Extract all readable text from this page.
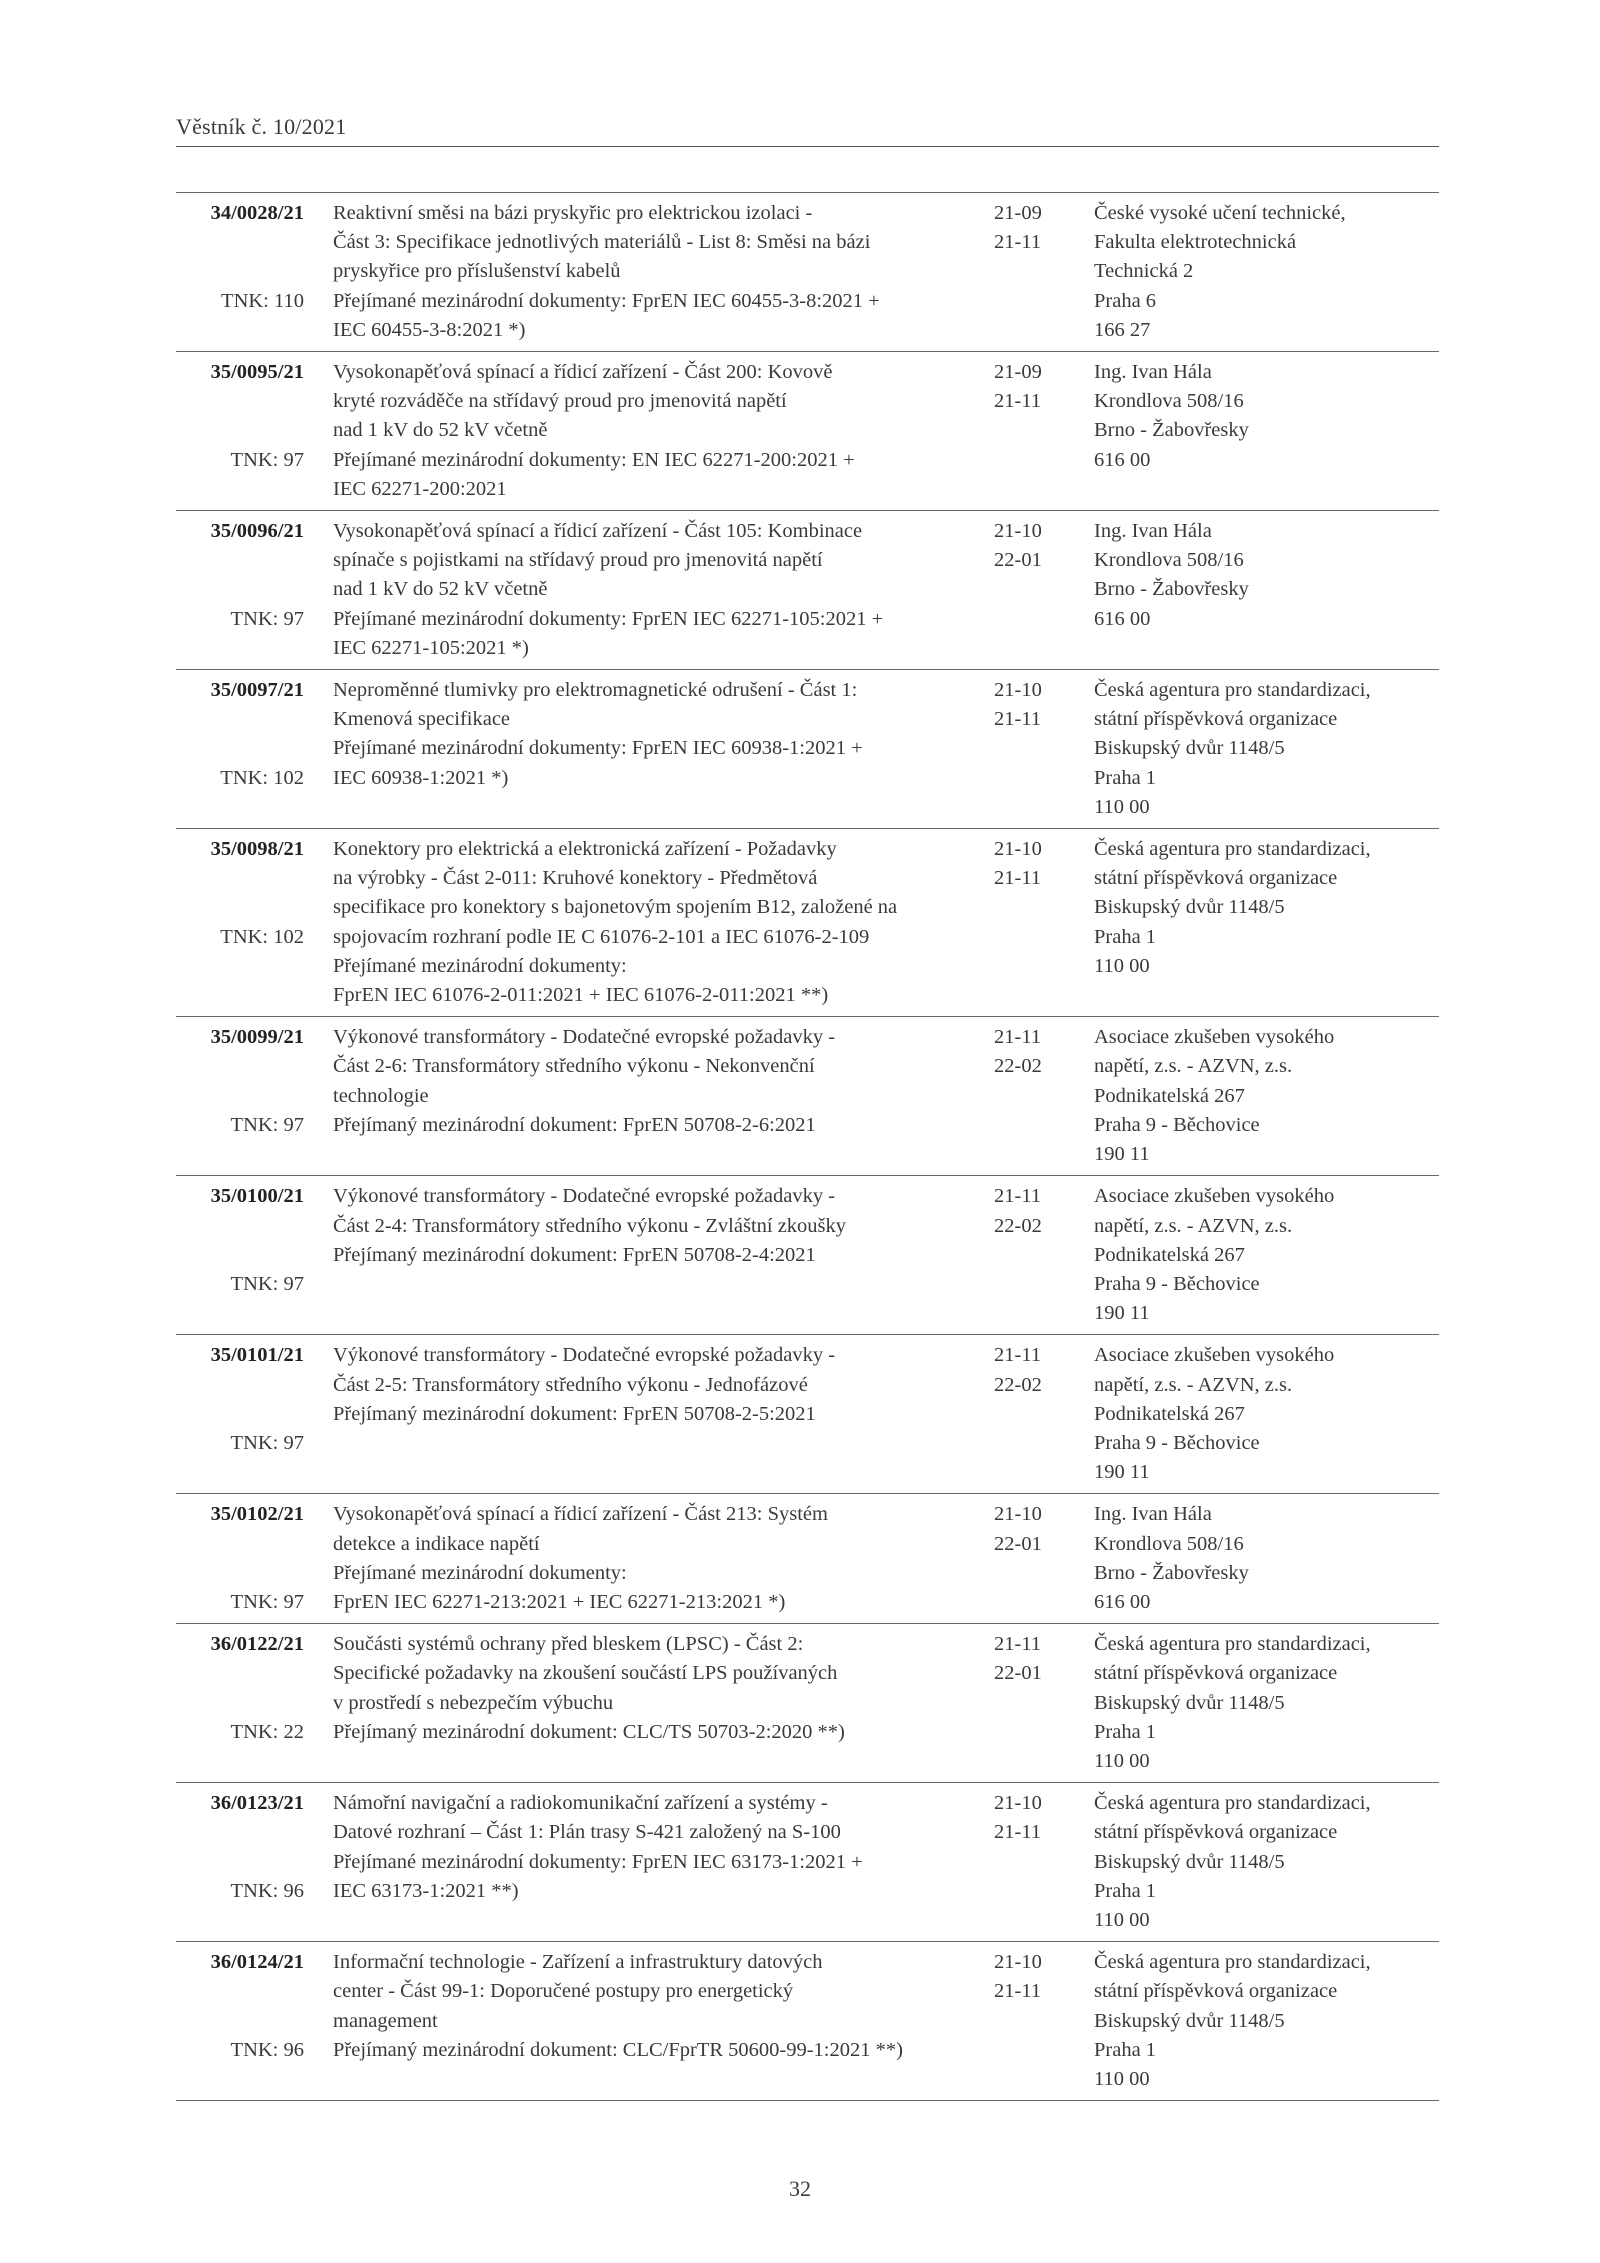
Věstník č. 10/2021
34/0028/21
TNK: 110
Reaktivní směsi na bázi pryskyřic pro elektrickou izolaci -
Část 3: Specifikace jednotlivých materiálů - List 8: Směsi na bázi
pryskyřice pro příslušenství kabelů
Přejímané mezinárodní dokumenty: FprEN IEC 60455-3-8:2021 +
IEC 60455-3-8:2021 *)
21-09
21-11
České vysoké učení technické,
Fakulta elektrotechnická
Technická 2
Praha 6
166 27
35/0095/21
TNK: 97
Vysokonapěťová spínací a řídicí zařízení - Část 200: Kovově
kryté rozváděče na střídavý proud pro jmenovitá napětí
nad 1 kV do 52 kV včetně
Přejímané mezinárodní dokumenty: EN IEC 62271-200:2021 +
IEC 62271-200:2021
21-09
21-11
Ing. Ivan Hála
Krondlova 508/16
Brno - Žabovřesky
616 00
35/0096/21
TNK: 97
Vysokonapěťová spínací a řídicí zařízení - Část 105: Kombinace
spínače s pojistkami na střídavý proud pro jmenovitá napětí
nad 1 kV do 52 kV včetně
Přejímané mezinárodní dokumenty: FprEN IEC 62271-105:2021 +
IEC 62271-105:2021 *)
21-10
22-01
Ing. Ivan Hála
Krondlova 508/16
Brno - Žabovřesky
616 00
35/0097/21
TNK: 102
Neproměnné tlumivky pro elektromagnetické odrušení - Část 1:
Kmenová specifikace
Přejímané mezinárodní dokumenty: FprEN IEC 60938-1:2021 +
IEC 60938-1:2021 *)

21-10
21-11
Česká agentura pro standardizaci,
státní příspěvková organizace
Biskupský dvůr 1148/5
Praha 1
110 00
35/0098/21
TNK: 102
Konektory pro elektrická a elektronická zařízení - Požadavky
na výrobky - Část 2-011: Kruhové konektory - Předmětová
specifikace pro konektory s bajonetovým spojením B12, založené na
spojovacím rozhraní podle IE C 61076-2-101 a IEC 61076-2-109
Přejímané mezinárodní dokumenty:
FprEN IEC 61076-2-011:2021 + IEC 61076-2-011:2021 **)
21-10
21-11
Česká agentura pro standardizaci,
státní příspěvková organizace
Biskupský dvůr 1148/5
Praha 1
110 00
35/0099/21
TNK: 97
Výkonové transformátory - Dodatečné evropské požadavky -
Část 2-6: Transformátory středního výkonu - Nekonvenční
technologie
Přejímaný mezinárodní dokument: FprEN 50708-2-6:2021

21-11
22-02
Asociace zkušeben vysokého
napětí, z.s. - AZVN, z.s.
Podnikatelská 267
Praha 9 - Běchovice
190 11
35/0100/21
TNK: 97
Výkonové transformátory - Dodatečné evropské požadavky -
Část 2-4: Transformátory středního výkonu - Zvláštní zkoušky
Přejímaný mezinárodní dokument: FprEN 50708-2-4:2021

21-11
22-02
Asociace zkušeben vysokého
napětí, z.s. - AZVN, z.s.
Podnikatelská 267
Praha 9 - Běchovice
190 11
35/0101/21
TNK: 97
Výkonové transformátory - Dodatečné evropské požadavky -
Část 2-5: Transformátory středního výkonu - Jednofázové
Přejímaný mezinárodní dokument: FprEN 50708-2-5:2021

21-11
22-02
Asociace zkušeben vysokého
napětí, z.s. - AZVN, z.s.
Podnikatelská 267
Praha 9 - Běchovice
190 11
35/0102/21
TNK: 97
Vysokonapěťová spínací a řídicí zařízení - Část 213: Systém
detekce a indikace napětí
Přejímané mezinárodní dokumenty:
FprEN IEC 62271-213:2021 + IEC 62271-213:2021 *)
21-10
22-01
Ing. Ivan Hála
Krondlova 508/16
Brno - Žabovřesky
616 00
36/0122/21
TNK: 22
Součásti systémů ochrany před bleskem (LPSC) - Část 2:
Specifické požadavky na zkoušení součástí LPS používaných
v prostředí s nebezpečím výbuchu
Přejímaný mezinárodní dokument: CLC/TS 50703-2:2020 **)

21-11
22-01
Česká agentura pro standardizaci,
státní příspěvková organizace
Biskupský dvůr 1148/5
Praha 1
110 00
36/0123/21
TNK: 96
Námořní navigační a radiokomunikační zařízení a systémy -
Datové rozhraní – Část 1: Plán trasy S-421 založený na S-100
Přejímané mezinárodní dokumenty: FprEN IEC 63173-1:2021 +
IEC 63173-1:2021 **)

21-10
21-11
Česká agentura pro standardizaci,
státní příspěvková organizace
Biskupský dvůr 1148/5
Praha 1
110 00
36/0124/21
TNK: 96
Informační technologie - Zařízení a infrastruktury datových
center - Část 99-1: Doporučené postupy pro energetický
management
Přejímaný mezinárodní dokument: CLC/FprTR 50600-99-1:2021 **)

21-10
21-11
Česká agentura pro standardizaci,
státní příspěvková organizace
Biskupský dvůr 1148/5
Praha 1
110 00
32
